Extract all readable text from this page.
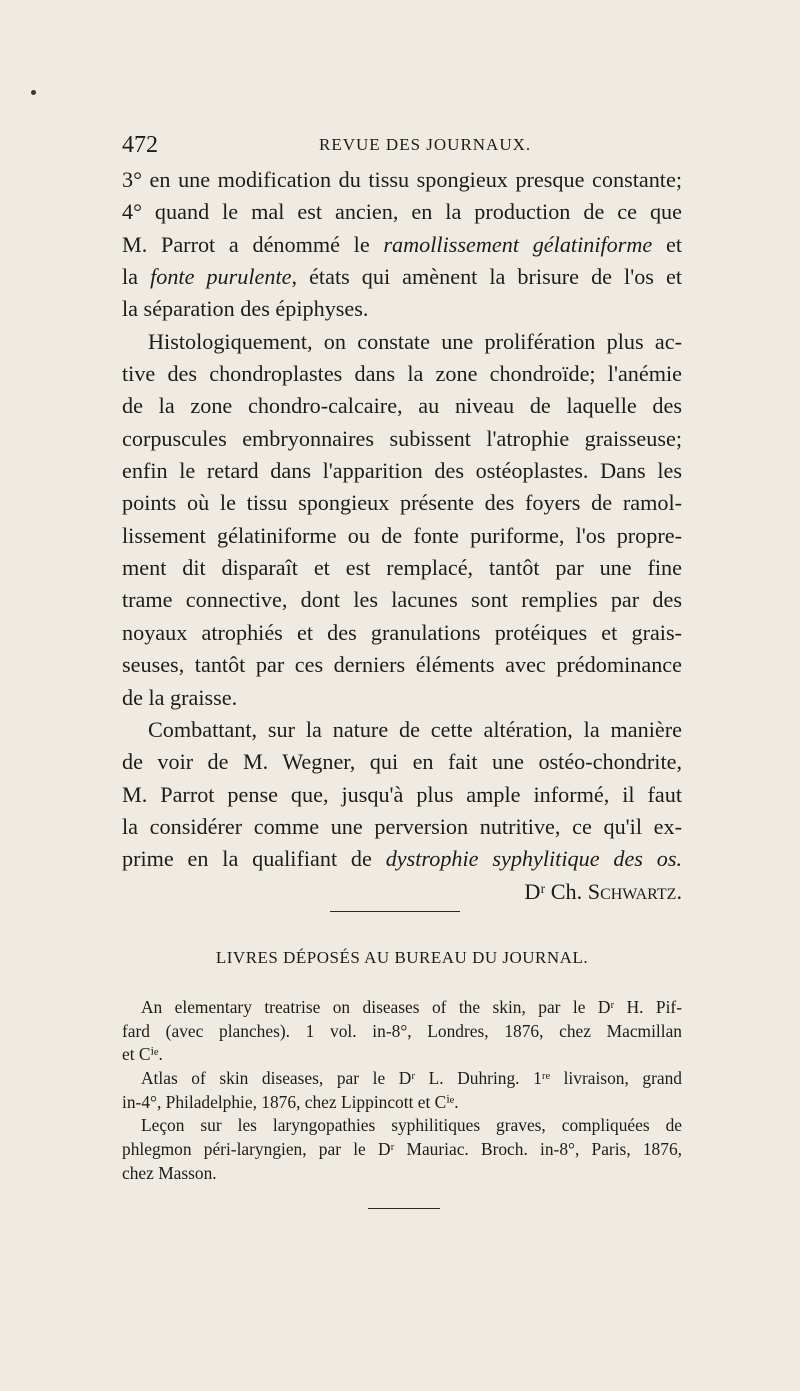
472	REVUE DES JOURNAUX.
3° en une modification du tissu spongieux presque constante;
4° quand le mal est ancien, en la production de ce que
M. Parrot a dénommé le ramollissement gélatiniforme et
la fonte purulente, états qui amènent la brisure de l'os et
la séparation des épiphyses.
Histologiquement, on constate une prolifération plus ac-
tive des chondroplastes dans la zone chondroïde; l'anémie
de la zone chondro-calcaire, au niveau de laquelle des
corpuscules embryonnaires subissent l'atrophie graisseuse;
enfin le retard dans l'apparition des ostéoplastes. Dans les
points où le tissu spongieux présente des foyers de ramol-
lissement gélatiniforme ou de fonte puriforme, l'os propre-
ment dit disparaît et est remplacé, tantôt par une fine
trame connective, dont les lacunes sont remplies par des
noyaux atrophiés et des granulations protéiques et grais-
seuses, tantôt par ces derniers éléments avec prédominance
de la graisse.
Combattant, sur la nature de cette altération, la manière
de voir de M. Wegner, qui en fait une ostéo-chondrite,
M. Parrot pense que, jusqu'à plus ample informé, il faut
la considérer comme une perversion nutritive, ce qu'il ex-
prime en la qualifiant de dystrophie syphylitique des os.
Dʳ Ch. Schwartz.
LIVRES DÉPOSÉS AU BUREAU DU JOURNAL.
An elementary treatrise on diseases of the skin, par le Dʳ H. Pif-
fard (avec planches). 1 vol. in-8°, Londres, 1876, chez Macmillan
et Cⁱᵉ.
Atlas of skin diseases, par le Dʳ L. Duhring. 1ʳᵉ livraison, grand
in-4°, Philadelphie, 1876, chez Lippincott et Cⁱᵉ.
Leçon sur les laryngopathies syphilitiques graves, compliquées de
phlegmon péri-laryngien, par le Dʳ Mauriac. Broch. in-8°, Paris, 1876,
chez Masson.
